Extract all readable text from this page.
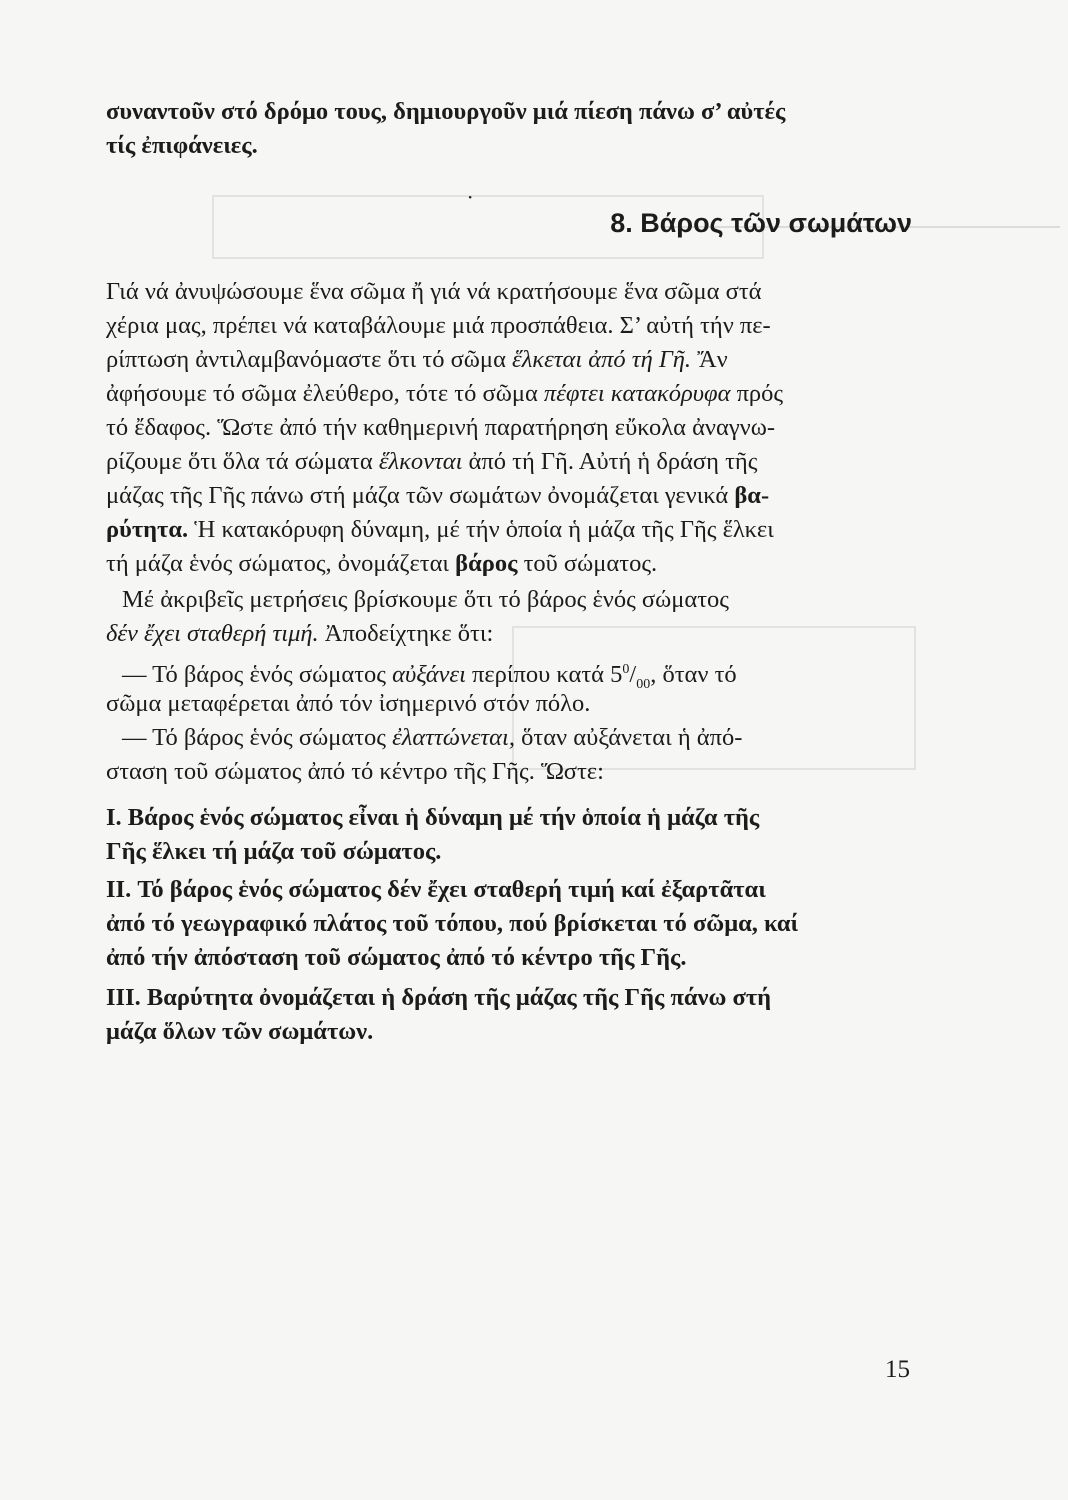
συναντοῦν στό δρόμο τους, δημιουργοῦν μιά πίεση πάνω σ’ αὐτές
τίς ἐπιφάνειες.
·
8. Βάρος τῶν σωμάτων
Γιά νά ἀνυψώσουμε ἕνα σῶμα ἤ γιά νά κρατήσουμε ἕνα σῶμα στά
χέρια μας, πρέπει νά καταβάλουμε μιά προσπάθεια. Σ’ αὐτή τήν πε-
ρίπτωση ἀντιλαμβανόμαστε ὅτι τό σῶμα ἕλκεται ἀπό τή Γῆ. Ἄν
ἀφήσουμε τό σῶμα ἐλεύθερο, τότε τό σῶμα πέφτει κατακόρυφα πρός
τό ἔδαφος. Ὥστε ἀπό τήν καθημερινή παρατήρηση εὔκολα ἀναγνω-
ρίζουμε ὅτι ὅλα τά σώματα ἕλκονται ἀπό τή Γῆ. Αὐτή ἡ δράση τῆς
μάζας τῆς Γῆς πάνω στή μάζα τῶν σωμάτων ὀνομάζεται γενικά βα-
ρύτητα. Ἡ κατακόρυφη δύναμη, μέ τήν ὁποία ἡ μάζα τῆς Γῆς ἕλκει
τή μάζα ἑνός σώματος, ὀνομάζεται βάρος τοῦ σώματος.
Μέ ἀκριβεῖς μετρήσεις βρίσκουμε ὅτι τό βάρος ἑνός σώματος
δέν ἔχει σταθερή τιμή. Ἀποδείχτηκε ὅτι:
— Τό βάρος ἑνός σώματος αὐξάνει περίπου κατά $5^0/_{00}$, ὅταν τό
σῶμα μεταφέρεται ἀπό τόν ἰσημερινό στόν πόλο.
— Τό βάρος ἑνός σώματος ἐλαττώνεται, ὅταν αὐξάνεται ἡ ἀπό-
σταση τοῦ σώματος ἀπό τό κέντρο τῆς Γῆς. Ὥστε:
I. Βάρος ἑνός σώματος εἶναι ἡ δύναμη μέ τήν ὁποία ἡ μάζα τῆς
Γῆς ἕλκει τή μάζα τοῦ σώματος.
II. Τό βάρος ἑνός σώματος δέν ἔχει σταθερή τιμή καί ἐξαρτᾶται
ἀπό τό γεωγραφικό πλάτος τοῦ τόπου, πού βρίσκεται τό σῶμα, καί
ἀπό τήν ἀπόσταση τοῦ σώματος ἀπό τό κέντρο τῆς Γῆς.
III. Βαρύτητα ὀνομάζεται ἡ δράση τῆς μάζας τῆς Γῆς πάνω στή
μάζα ὅλων τῶν σωμάτων.
15
